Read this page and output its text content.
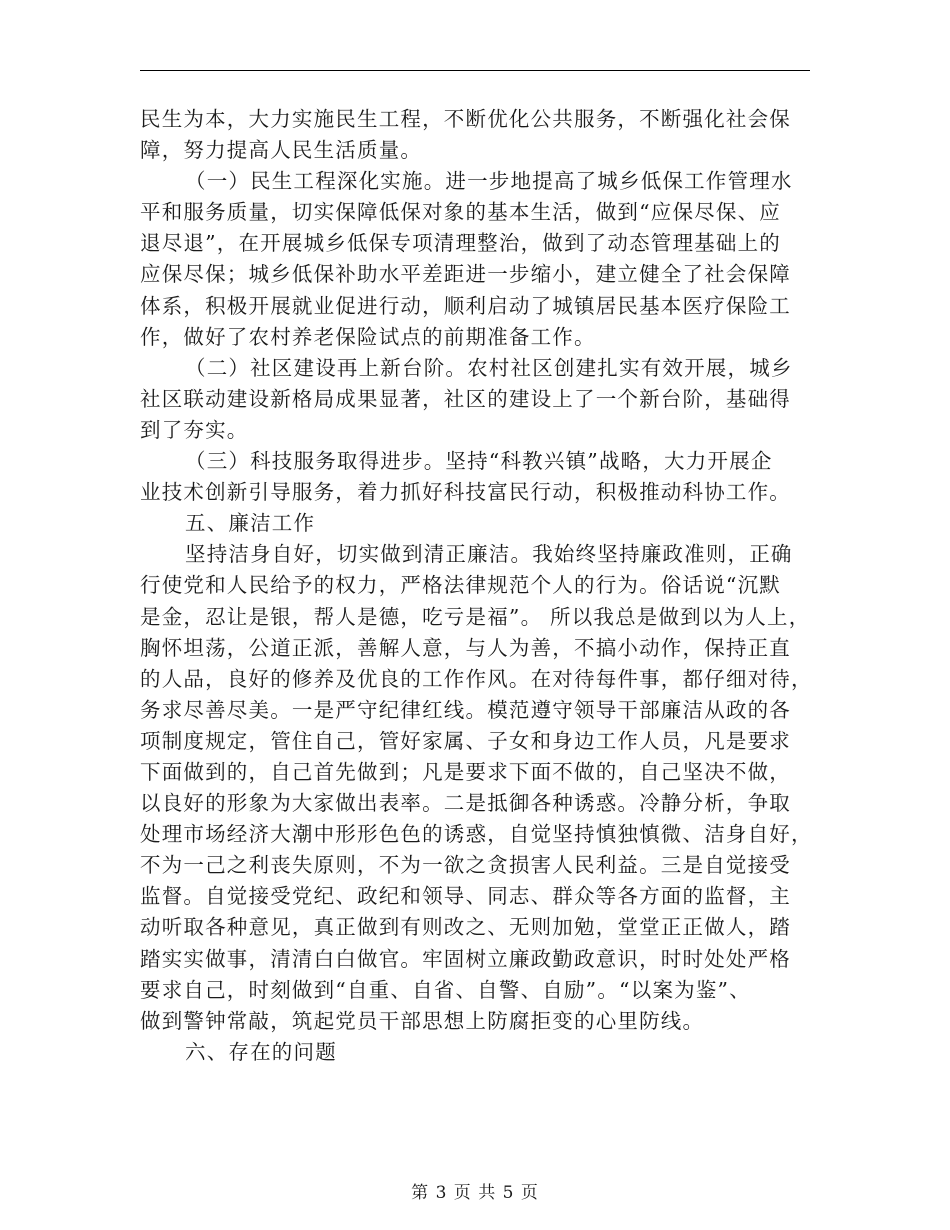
民生为本，大力实施民生工程，不断优化公共服务，不断强化社会保
障，努力提高人民生活质量。
（一）民生工程深化实施。进一步地提高了城乡低保工作管理水
平和服务质量，切实保障低保对象的基本生活，做到“应保尽保、应
退尽退”，在开展城乡低保专项清理整治，做到了动态管理基础上的
应保尽保；城乡低保补助水平差距进一步缩小，建立健全了社会保障
体系，积极开展就业促进行动，顺利启动了城镇居民基本医疗保险工
作，做好了农村养老保险试点的前期准备工作。
（二）社区建设再上新台阶。农村社区创建扎实有效开展，城乡
社区联动建设新格局成果显著，社区的建设上了一个新台阶，基础得
到了夯实。
（三）科技服务取得进步。坚持“科教兴镇”战略，大力开展企
业技术创新引导服务，着力抓好科技富民行动，积极推动科协工作。
五、廉洁工作
坚持洁身自好，切实做到清正廉洁。我始终坚持廉政准则，正确
行使党和人民给予的权力，严格法律规范个人的行为。俗话说“沉默
是金，忍让是银，帮人是德，吃亏是福”。 所以我总是做到以为人上，
胸怀坦荡，公道正派，善解人意，与人为善，不搞小动作，保持正直
的人品，良好的修养及优良的工作作风。在对待每件事，都仔细对待，
务求尽善尽美。一是严守纪律红线。模范遵守领导干部廉洁从政的各
项制度规定，管住自己，管好家属、子女和身边工作人员，凡是要求
下面做到的，自己首先做到；凡是要求下面不做的，自己坚决不做，
以良好的形象为大家做出表率。二是抵御各种诱惑。冷静分析，争取
处理市场经济大潮中形形色色的诱惑，自觉坚持慎独慎微、洁身自好，
不为一己之利丧失原则，不为一欲之贪损害人民利益。三是自觉接受
监督。自觉接受党纪、政纪和领导、同志、群众等各方面的监督，主
动听取各种意见，真正做到有则改之、无则加勉，堂堂正正做人，踏
踏实实做事，清清白白做官。牢固树立廉政勤政意识，时时处处严格
要求自己，时刻做到“自重、自省、自警、自励”。“以案为鉴”、
做到警钟常敲，筑起党员干部思想上防腐拒变的心里防线。
六、存在的问题
第 3 页 共 5 页
